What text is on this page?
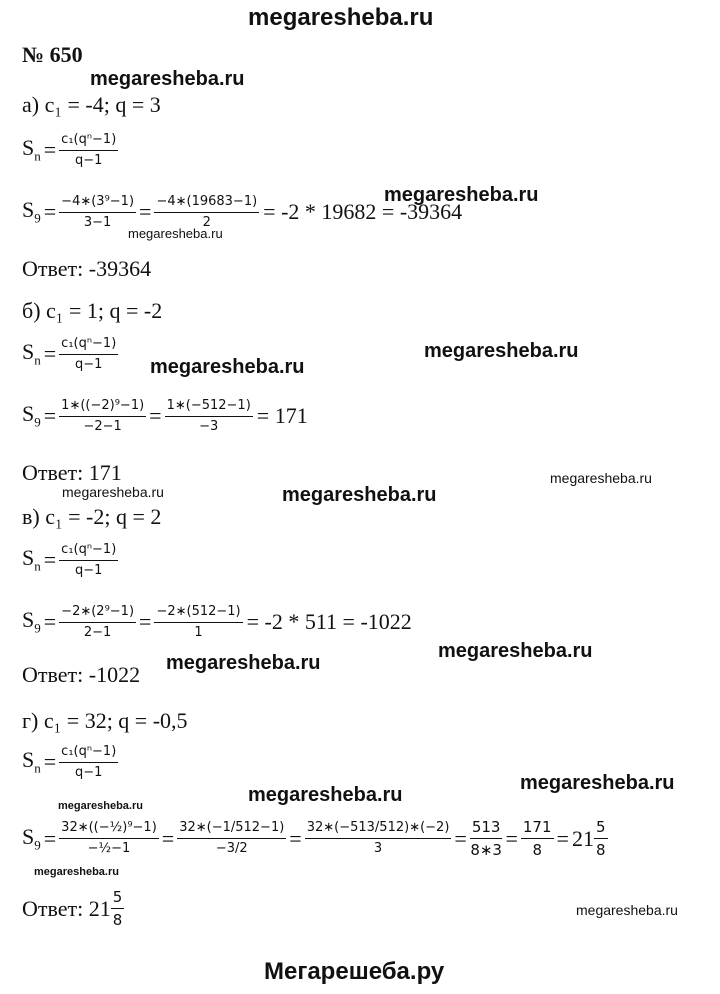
megaresheba.ru
№ 650
а) c₁ = -4; q = 3
$S_n = \frac{\text{c₁(qⁿ−1)}}{q-1}$
$S_9 = \frac{\text{−4∗(3⁹−1)}}{3-1} = \frac{-4∗(19683-1)}{2} = -2 * 19682 = -39364$
Ответ: -39364
б) c₁ = 1; q = -2
$S_n = \frac{\text{c₁(qⁿ−1)}}{q-1}$
$S_9 = \frac{\text{1∗((−2)⁹−1)}}{-2-1} = \frac{1∗(-512-1)}{-3} = 171$
Ответ: 171
в) c₁ = -2; q = 2
$S_n = \frac{\text{c₁(qⁿ−1)}}{q-1}$
$S_9 = \frac{\text{−2∗(2⁹−1)}}{2-1} = \frac{-2∗(512-1)}{1} = -2 * 511 = -1022$
Ответ: -1022
г) c₁ = 32; q = -0,5
$S_n = \frac{\text{c₁(qⁿ−1)}}{q-1}$
$S_9 = \frac{\text{32∗((−½)⁹−1)}}{\text{−½−1}} = \frac{32∗(-1/512-1)}{-3/2} = \frac{32∗(-513/512)∗(-2)}{3} = \frac{513}{8∗3} = \frac{171}{8} = 21 \frac{5}{8}$
Ответ: $21 \frac{5}{8}$
megaresheba.ru
megaresheba.ru
megaresheba.ru
megaresheba.ru
megaresheba.ru
megaresheba.ru
megaresheba.ru	megaresheba.ru
megaresheba.ru
megaresheba.ru
megaresheba.ru
megaresheba.ru
megaresheba.ru
megaresheba.ru
megaresheba.ru
Мегарешеба.ру
